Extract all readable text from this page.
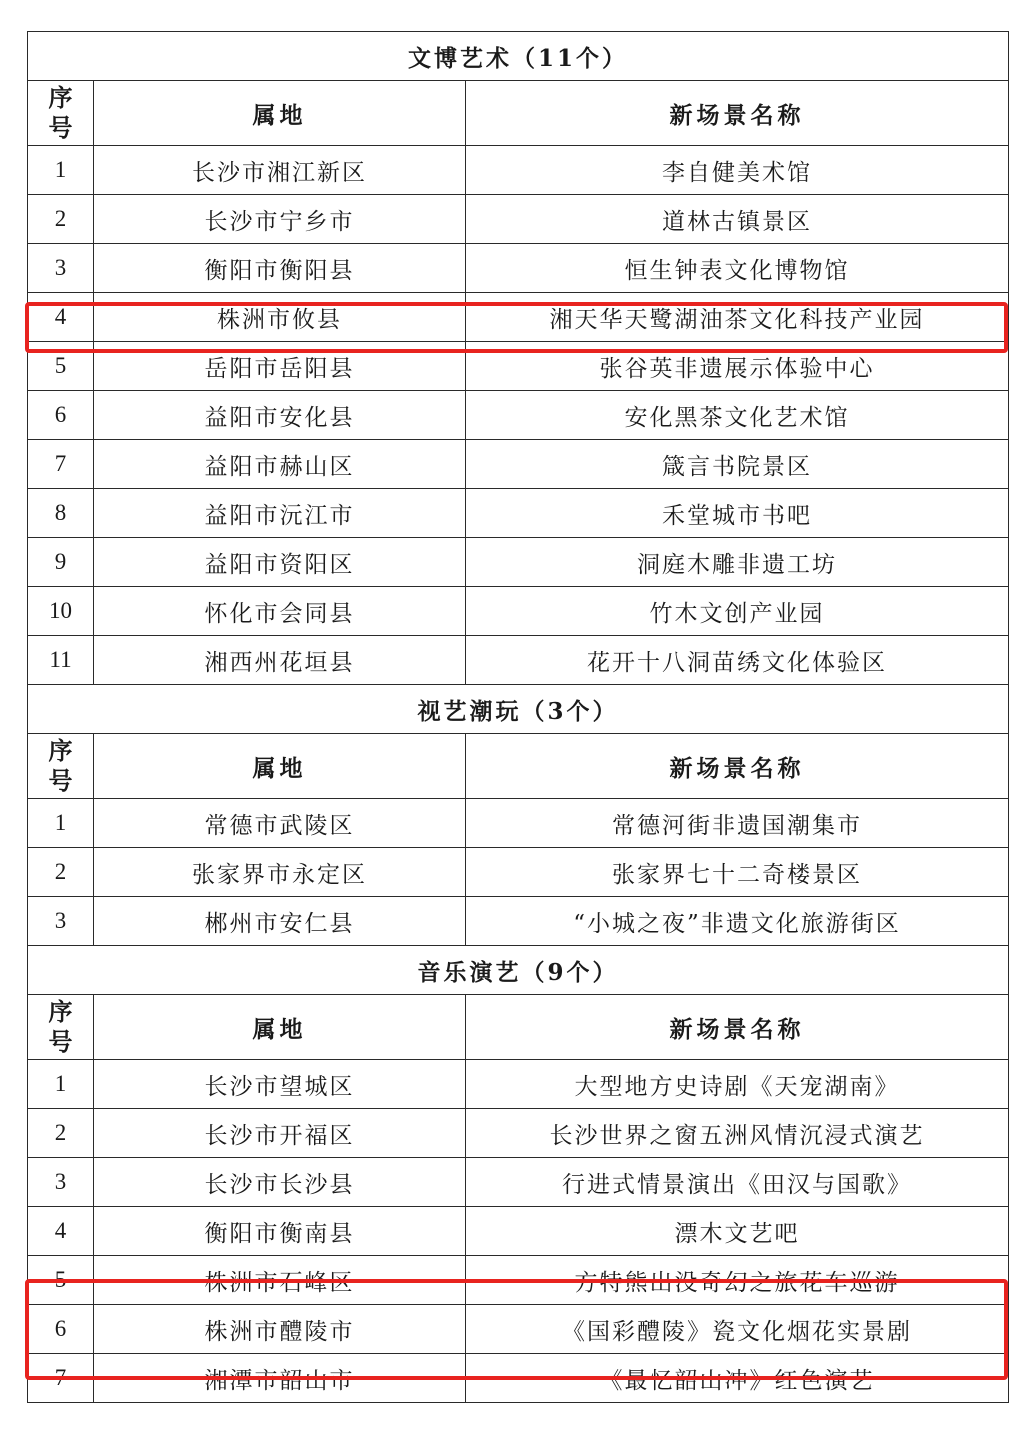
文博艺术（11个）		
序
号	属地	新场景名称
1	长沙市湘江新区	李自健美术馆
2	长沙市宁乡市	道林古镇景区
3	衡阳市衡阳县	恒生钟表文化博物馆
4	株洲市攸县	湘天华天鹭湖油茶文化科技产业园
5	岳阳市岳阳县	张谷英非遗展示体验中心
6	益阳市安化县	安化黑茶文化艺术馆
7	益阳市赫山区	箴言书院景区
8	益阳市沅江市	禾堂城市书吧
9	益阳市资阳区	洞庭木雕非遗工坊
10	怀化市会同县	竹木文创产业园
11	湘西州花垣县	花开十八洞苗绣文化体验区
视艺潮玩（3个）		
序
号	属地	新场景名称
1	常德市武陵区	常德河街非遗国潮集市
2	张家界市永定区	张家界七十二奇楼景区
3	郴州市安仁县	“小城之夜”非遗文化旅游街区
音乐演艺（9个）		
序
号	属地	新场景名称
1	长沙市望城区	大型地方史诗剧《天宠湖南》
2	长沙市开福区	长沙世界之窗五洲风情沉浸式演艺
3	长沙市长沙县	行进式情景演出《田汉与国歌》
4	衡阳市衡南县	漂木文艺吧
5	株洲市石峰区	方特熊出没奇幻之旅花车巡游
6	株洲市醴陵市	《国彩醴陵》瓷文化烟花实景剧
7	湘潭市韶山市	《最忆韶山冲》红色演艺
